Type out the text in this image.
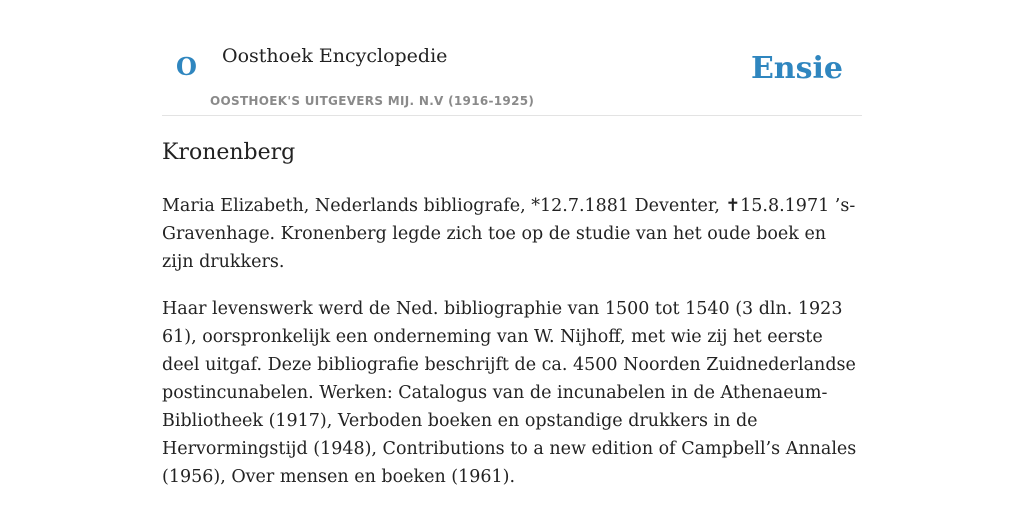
O Oosthoek Encyclopedie
OOSTHOEK'S UITGEVERS MIJ. N.V (1916-1925)
Ensie
Kronenberg

Maria Elizabeth, Nederlands bibliografe, *12.7.1881 Deventer, ✝15.8.1971 ’s-Gravenhage. Kronenberg legde zich toe op de studie van het oude boek en zijn drukkers.

Haar levenswerk werd de Ned. bibliographie van 1500 tot 1540 (3 dln. 1923 61), oorspronkelijk een onderneming van W. Nijhoff, met wie zij het eerste deel uitgaf. Deze bibliografie beschrijft de ca. 4500 Noorden Zuidnederlandse postincunabelen. Werken: Catalogus van de incunabelen in de Athenaeum-Bibliotheek (1917), Verboden boeken en opstandige drukkers in de Hervormingstijd (1948), Contributions to a new edition of Campbell’s Annales (1956), Over mensen en boeken (1961).
